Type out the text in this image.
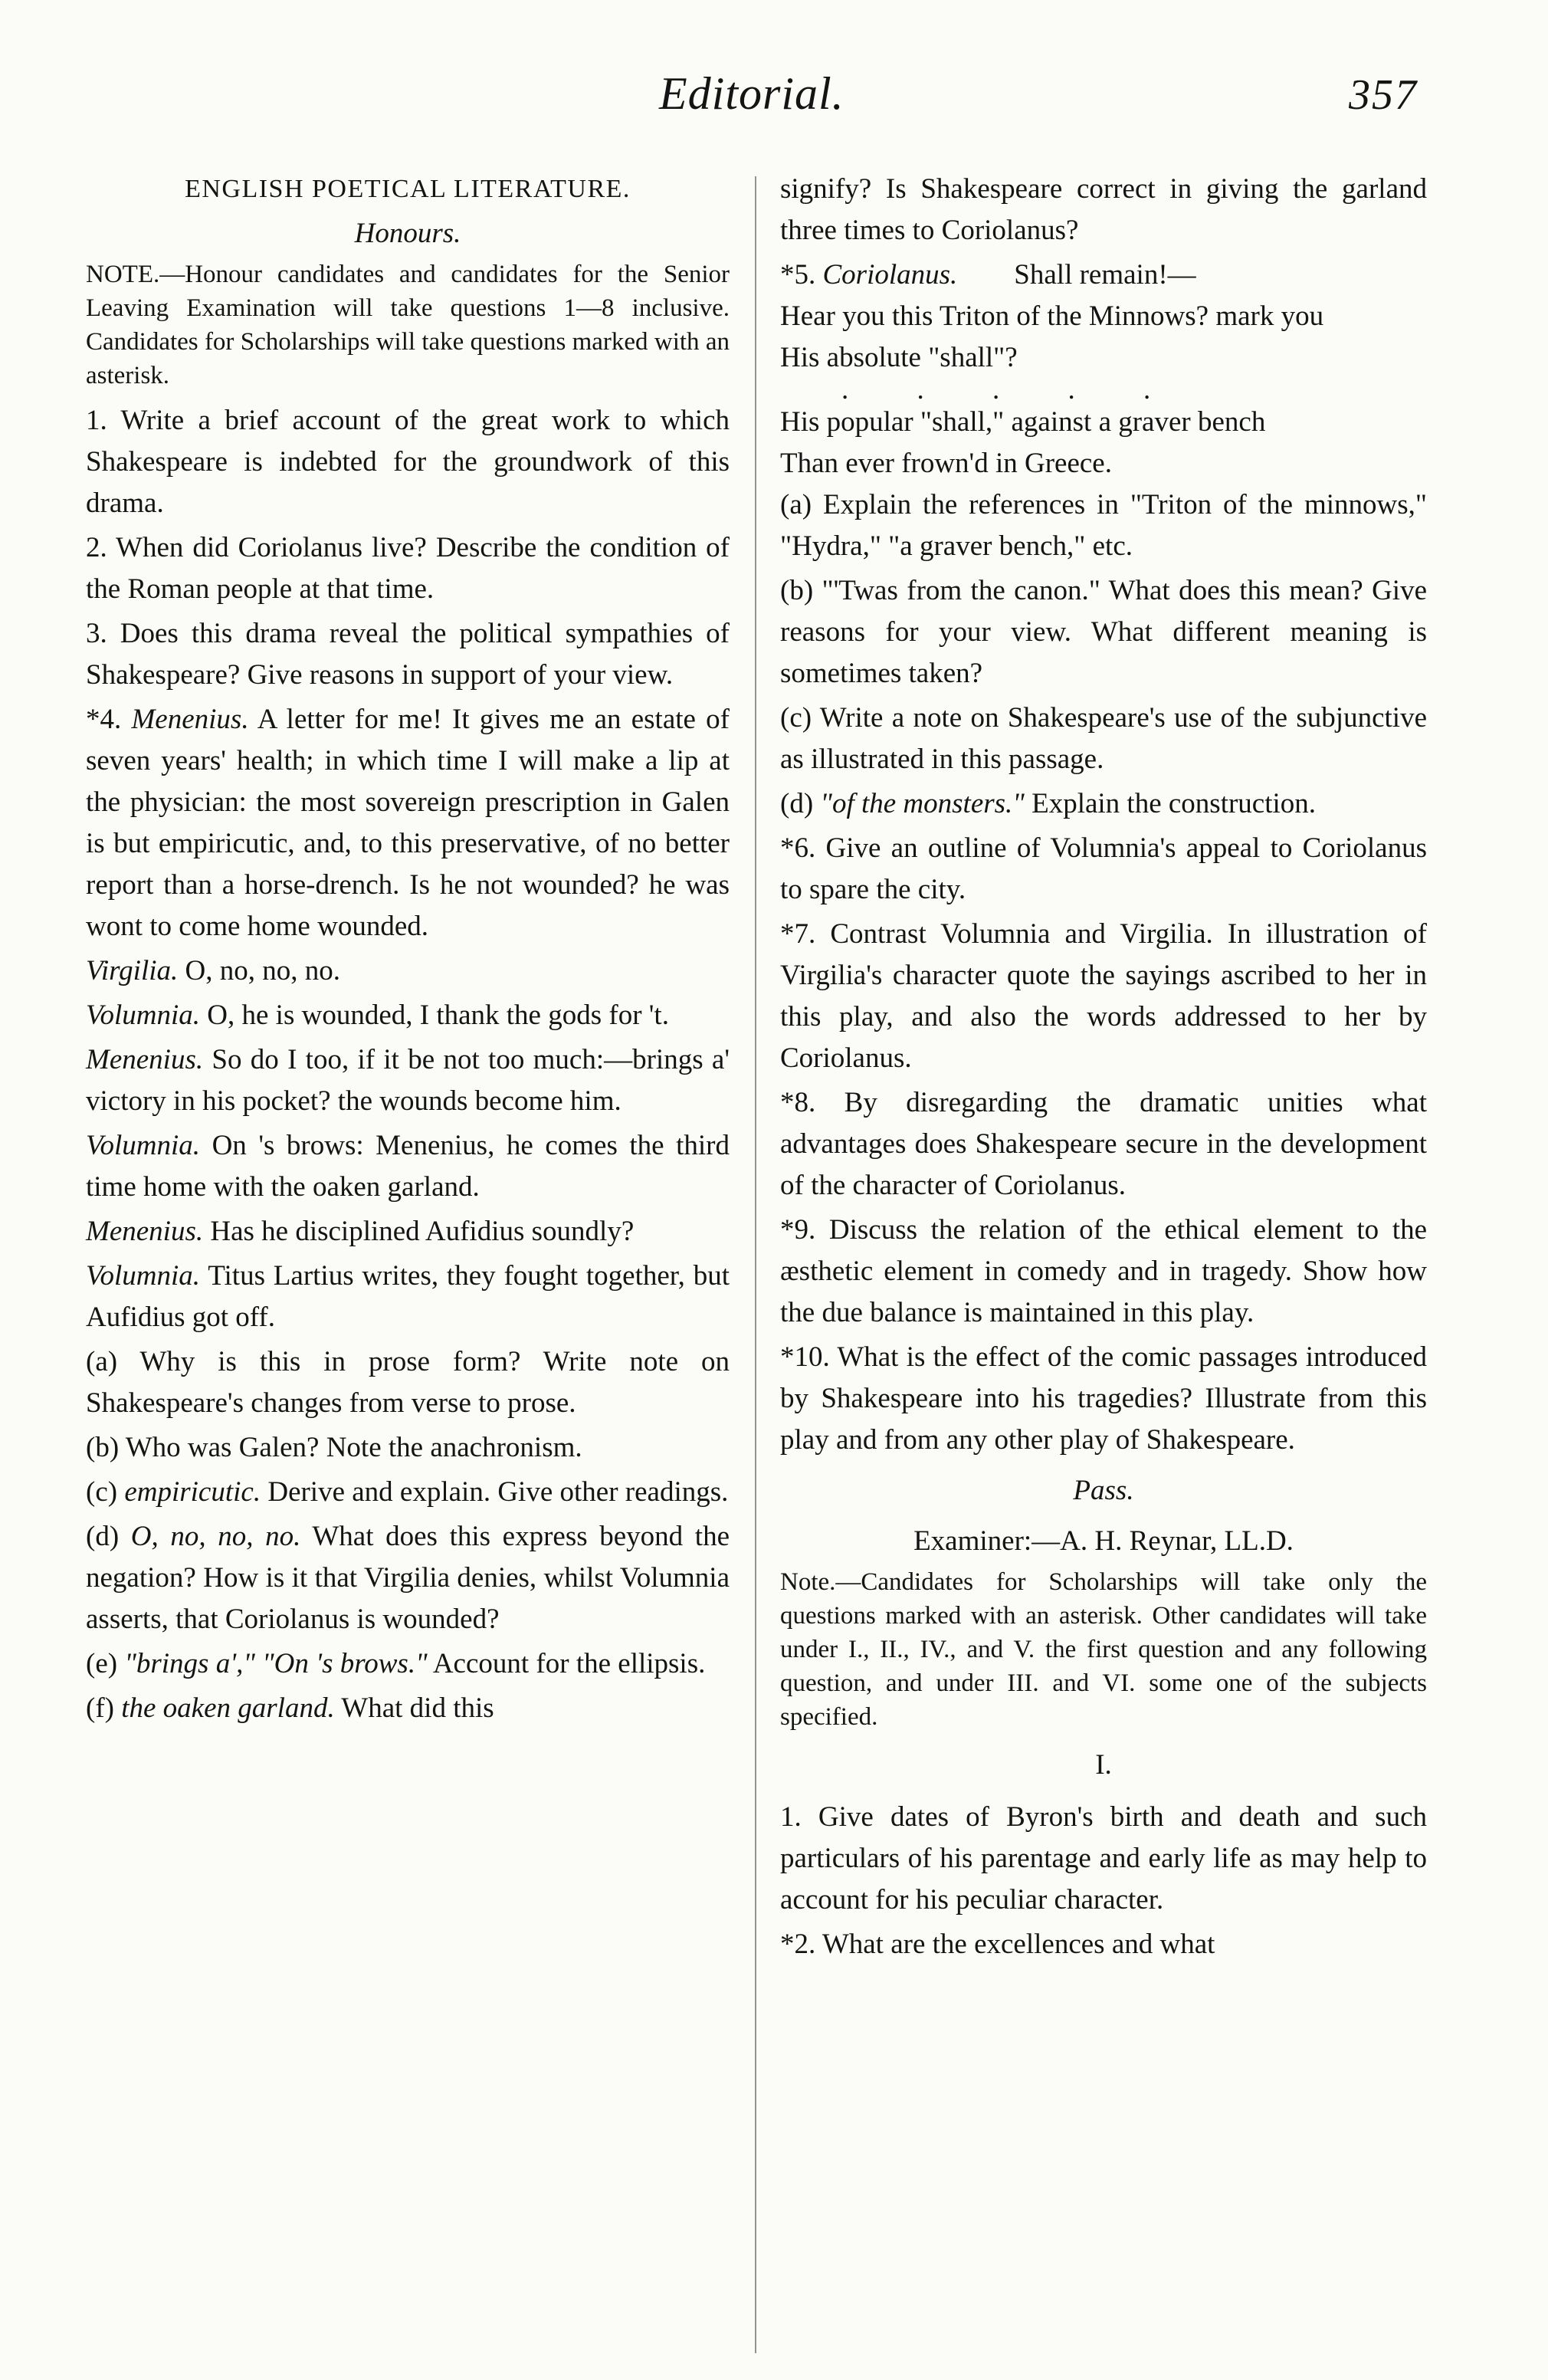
Editorial.	357

ENGLISH POETICAL LITERATURE.

Honours.

NOTE.—Honour candidates and candidates for the Senior Leaving Examination will take questions 1—8 inclusive. Candidates for Scholarships will take questions marked with an asterisk.

1. Write a brief account of the great work to which Shakespeare is indebted for the groundwork of this drama.

2. When did Coriolanus live? Describe the condition of the Roman people at that time.

3. Does this drama reveal the political sympathies of Shakespeare? Give reasons in support of your view.

*4. Menenius. A letter for me! It gives me an estate of seven years' health; in which time I will make a lip at the physician: the most sovereign prescription in Galen is but empiricutic, and, to this preservative, of no better report than a horse-drench. Is he not wounded? he was wont to come home wounded.

Virgilia. O, no, no, no.

Volumnia. O, he is wounded, I thank the gods for 't.

Menenius. So do I too, if it be not too much:—brings a' victory in his pocket? the wounds become him.

Volumnia. On 's brows: Menenius, he comes the third time home with the oaken garland.

Menenius. Has he disciplined Aufidius soundly?

Volumnia. Titus Lartius writes, they fought together, but Aufidius got off.

(a) Why is this in prose form? Write note on Shakespeare's changes from verse to prose.

(b) Who was Galen? Note the anachronism.

(c) empiricutic. Derive and explain. Give other readings.

(d) O, no, no, no. What does this express beyond the negation? How is it that Virgilia denies, whilst Volumnia asserts, that Coriolanus is wounded?

(e) "brings a'," "On 's brows." Account for the ellipsis.

(f) the oaken garland. What did this

signify? Is Shakespeare correct in giving the garland three times to Coriolanus?

*5. Coriolanus. Shall remain!—
Hear you this Triton of the Minnows? mark you
His absolute "shall"?
. . . . .
His popular "shall," against a graver bench
Than ever frown'd in Greece.

(a) Explain the references in "Triton of the minnows," "Hydra," "a graver bench," etc.

(b) "'Twas from the canon." What does this mean? Give reasons for your view. What different meaning is sometimes taken?

(c) Write a note on Shakespeare's use of the subjunctive as illustrated in this passage.

(d) "of the monsters." Explain the construction.

*6. Give an outline of Volumnia's appeal to Coriolanus to spare the city.

*7. Contrast Volumnia and Virgilia. In illustration of Virgilia's character quote the sayings ascribed to her in this play, and also the words addressed to her by Coriolanus.

*8. By disregarding the dramatic unities what advantages does Shakespeare secure in the development of the character of Coriolanus.

*9. Discuss the relation of the ethical element to the æsthetic element in comedy and in tragedy. Show how the due balance is maintained in this play.

*10. What is the effect of the comic passages introduced by Shakespeare into his tragedies? Illustrate from this play and from any other play of Shakespeare.

Pass.

Examiner:—A. H. Reynar, LL.D.

Note.—Candidates for Scholarships will take only the questions marked with an asterisk. Other candidates will take under I., II., IV., and V. the first question and any following question, and under III. and VI. some one of the subjects specified.

I.

1. Give dates of Byron's birth and death and such particulars of his parentage and early life as may help to account for his peculiar character.

*2. What are the excellences and what
